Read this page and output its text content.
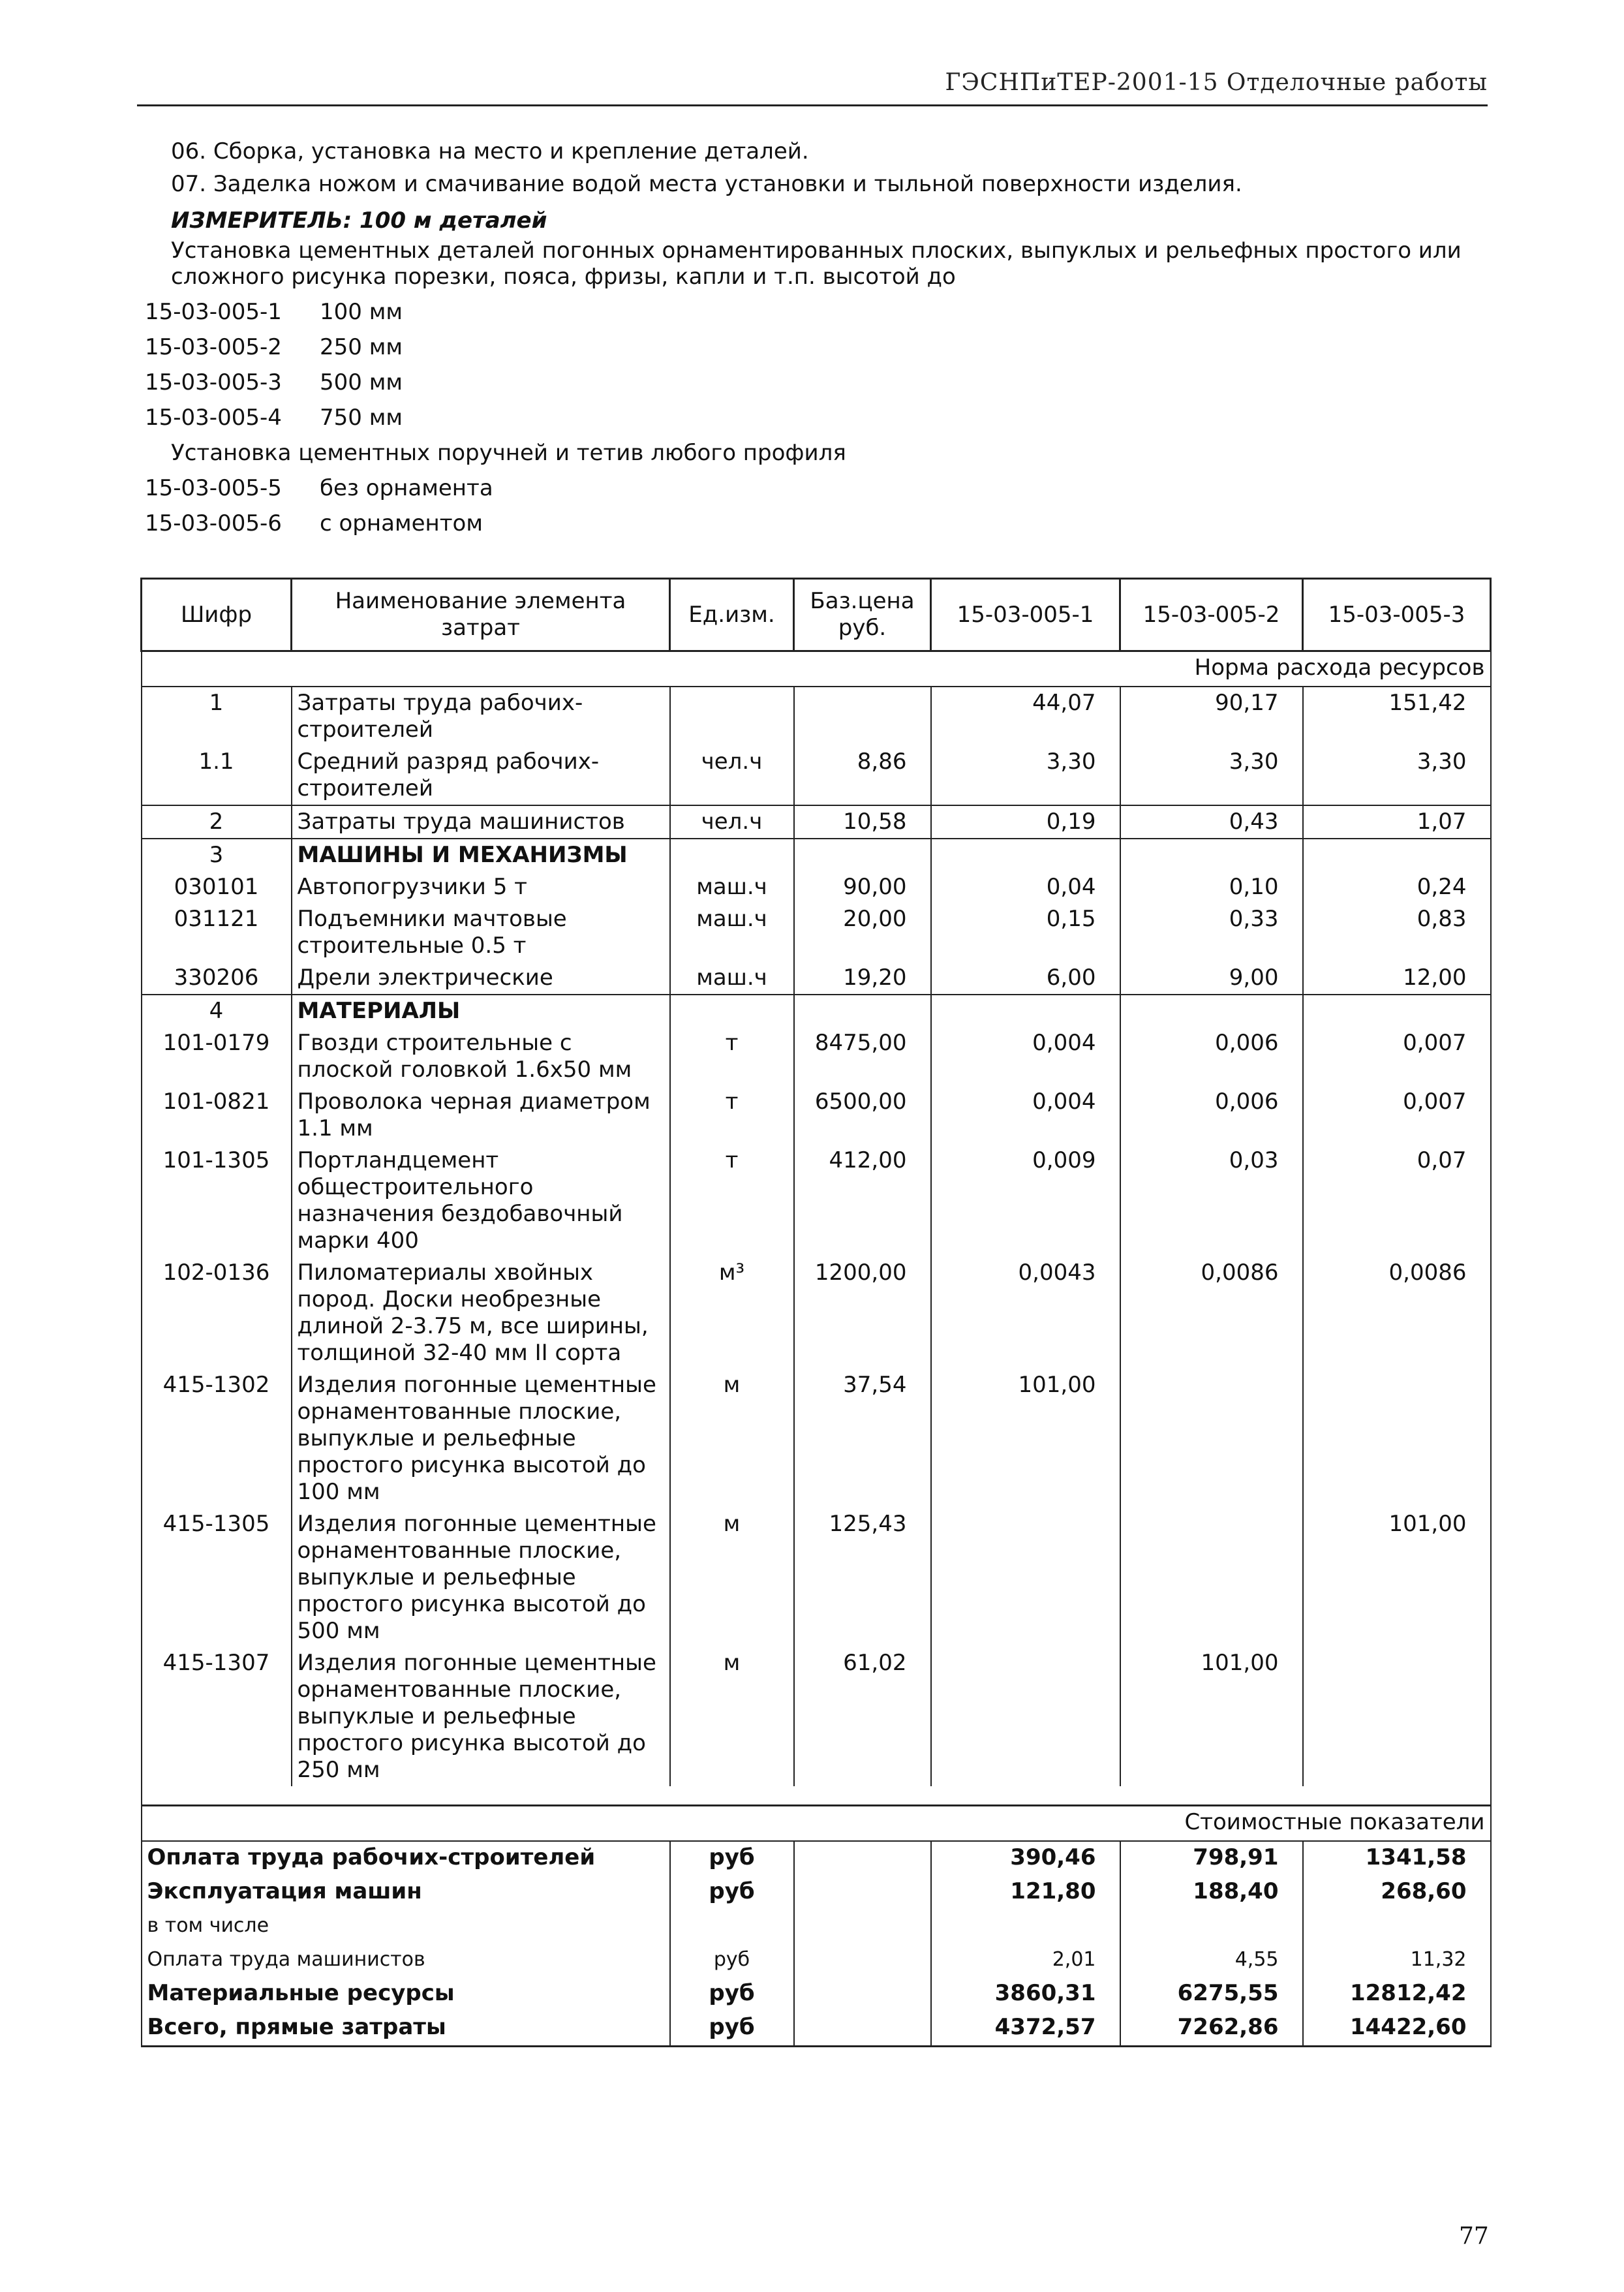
ГЭСНПиТЕР-2001-15 Отделочные работы
06. Сборка, установка на место и крепление деталей.
07. Заделка ножом и смачивание водой места установки и тыльной поверхности изделия.
ИЗМЕРИТЕЛЬ: 100 м деталей
Установка цементных деталей погонных орнаментированных плоских, выпуклых и рельефных простого или сложного рисунка порезки, пояса, фризы, капли и т.п. высотой до
15-03-005-1 100 мм
15-03-005-2 250 мм
15-03-005-3 500 мм
15-03-005-4 750 мм
Установка цементных поручней и тетив любого профиля
15-03-005-5 без орнамента
15-03-005-6 с орнаментом
Шифр	Наименование элемента затрат	Ед.изм.	Баз.цена руб.	15-03-005-1	15-03-005-2	15-03-005-3
Норма расхода ресурсов						
1	Затраты труда рабочих-строителей			44,07	90,17	151,42
1.1	Средний разряд рабочих-строителей	чел.ч	8,86	3,30	3,30	3,30
2	Затраты труда машинистов	чел.ч	10,58	0,19	0,43	1,07
3	МАШИНЫ И МЕХАНИЗМЫ					
030101	Автопогрузчики 5 т	маш.ч	90,00	0,04	0,10	0,24
031121	Подъемники мачтовые строительные 0.5 т	маш.ч	20,00	0,15	0,33	0,83
330206	Дрели электрические	маш.ч	19,20	6,00	9,00	12,00
4	МАТЕРИАЛЫ					
101-0179	Гвозди строительные с плоской головкой 1.6х50 мм	т	8475,00	0,004	0,006	0,007
101-0821	Проволока черная диаметром 1.1 мм	т	6500,00	0,004	0,006	0,007
101-1305	Портландцемент общестроительного назначения бездобавочный марки 400	т	412,00	0,009	0,03	0,07
102-0136	Пиломатериалы хвойных пород. Доски необрезные длиной 2-3.75 м, все ширины, толщиной 32-40 мм II сорта	м³	1200,00	0,0043	0,0086	0,0086
415-1302	Изделия погонные цементные орнаментованные плоские, выпуклые и рельефные простого рисунка высотой до 100 мм	м	37,54	101,00		
415-1305	Изделия погонные цементные орнаментованные плоские, выпуклые и рельефные простого рисунка высотой до 500 мм	м	125,43			101,00
415-1307	Изделия погонные цементные орнаментованные плоские, выпуклые и рельефные простого рисунка высотой до 250 мм	м	61,02		101,00	

Стоимостные показатели						
Оплата труда рабочих-строителей		руб		390,46	798,91	1341,58
Эксплуатация машин		руб		121,80	188,40	268,60
в том числе						
Оплата труда машинистов		руб		2,01	4,55	11,32
Материальные ресурсы		руб		3860,31	6275,55	12812,42
Всего, прямые затраты		руб		4372,57	7262,86	14422,60
77
